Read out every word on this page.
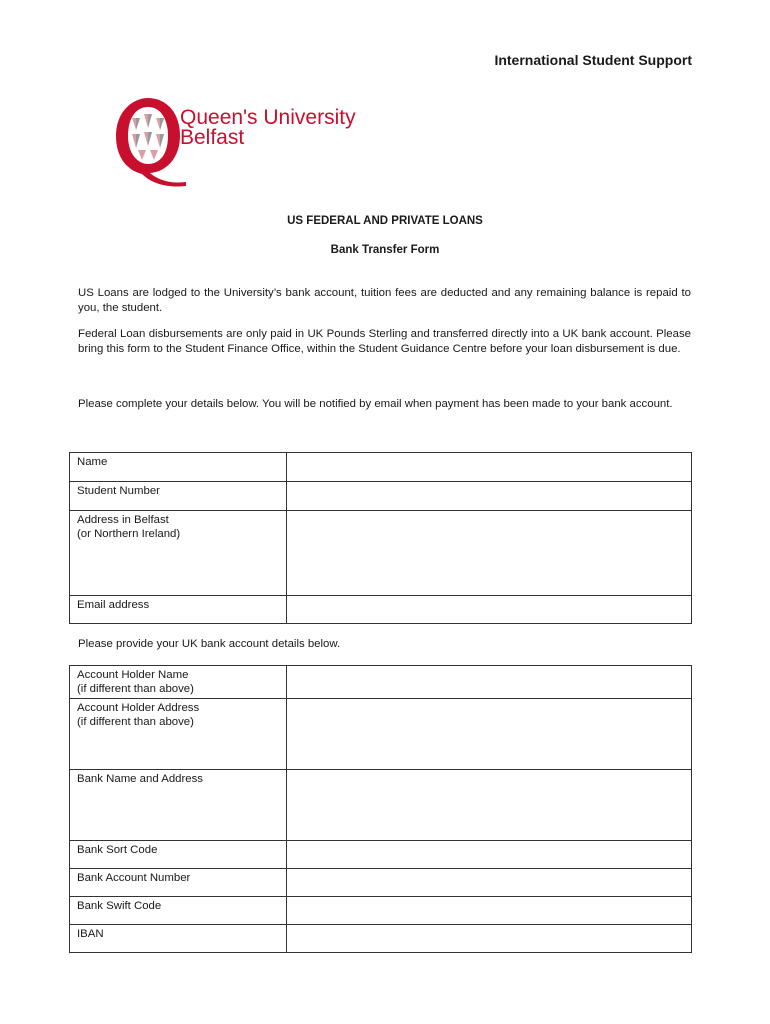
International Student Support
Queen's University
Belfast
US FEDERAL AND PRIVATE LOANS
Bank Transfer Form
US Loans are lodged to the University’s bank account, tuition fees are deducted and any remaining balance is repaid to you, the student.
Federal Loan disbursements are only paid in UK Pounds Sterling and transferred directly into a UK bank account. Please bring this form to the Student Finance Office, within the Student Guidance Centre before your loan disbursement is due.
Please complete your details below. You will be notified by email when payment has been made to your bank account.
Name	
Student Number	

Address in Belfast
(or Northern Ireland)	

Email address	
Please provide your UK bank account details below.
Account Holder Name
(if different than above)	

Account Holder Address
(if different than above)	

Bank Name and Address	
Bank Sort Code	
Bank Account Number	
Bank Swift Code	
IBAN	
